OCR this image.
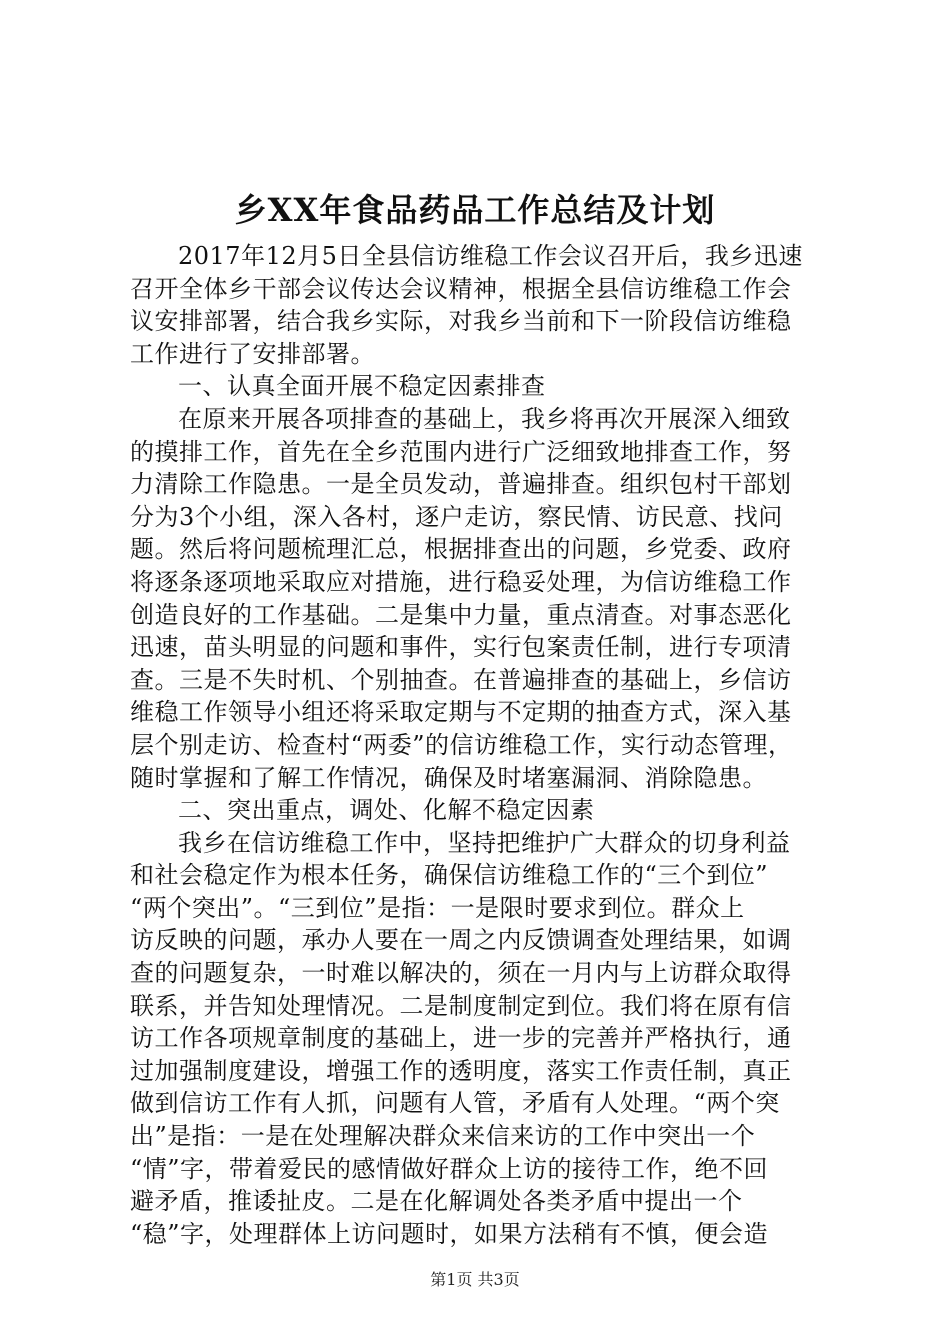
乡XX年食品药品工作总结及计划
2017年12月5日全县信访维稳工作会议召开后，我乡迅速
召开全体乡干部会议传达会议精神，根据全县信访维稳工作会
议安排部署，结合我乡实际，对我乡当前和下一阶段信访维稳
工作进行了安排部署。
一、认真全面开展不稳定因素排查
在原来开展各项排查的基础上，我乡将再次开展深入细致
的摸排工作，首先在全乡范围内进行广泛细致地排查工作，努
力清除工作隐患。一是全员发动，普遍排查。组织包村干部划
分为3个小组，深入各村，逐户走访，察民情、访民意、找问
题。然后将问题梳理汇总，根据排查出的问题，乡党委、政府
将逐条逐项地采取应对措施，进行稳妥处理，为信访维稳工作
创造良好的工作基础。二是集中力量，重点清查。对事态恶化
迅速，苗头明显的问题和事件，实行包案责任制，进行专项清
查。三是不失时机、个别抽查。在普遍排查的基础上，乡信访
维稳工作领导小组还将采取定期与不定期的抽查方式，深入基
层个别走访、检查村“两委”的信访维稳工作，实行动态管理，
随时掌握和了解工作情况，确保及时堵塞漏洞、消除隐患。
二、突出重点，调处、化解不稳定因素
我乡在信访维稳工作中，坚持把维护广大群众的切身利益
和社会稳定作为根本任务，确保信访维稳工作的“三个到位”
“两个突出”。“三到位”是指：一是限时要求到位。群众上
访反映的问题，承办人要在一周之内反馈调查处理结果，如调
查的问题复杂，一时难以解决的，须在一月内与上访群众取得
联系，并告知处理情况。二是制度制定到位。我们将在原有信
访工作各项规章制度的基础上，进一步的完善并严格执行，通
过加强制度建设，增强工作的透明度，落实工作责任制，真正
做到信访工作有人抓，问题有人管，矛盾有人处理。“两个突
出”是指：一是在处理解决群众来信来访的工作中突出一个
“情”字，带着爱民的感情做好群众上访的接待工作，绝不回
避矛盾，推诿扯皮。二是在化解调处各类矛盾中提出一个
“稳”字，处理群体上访问题时，如果方法稍有不慎，便会造
第1页 共3页
